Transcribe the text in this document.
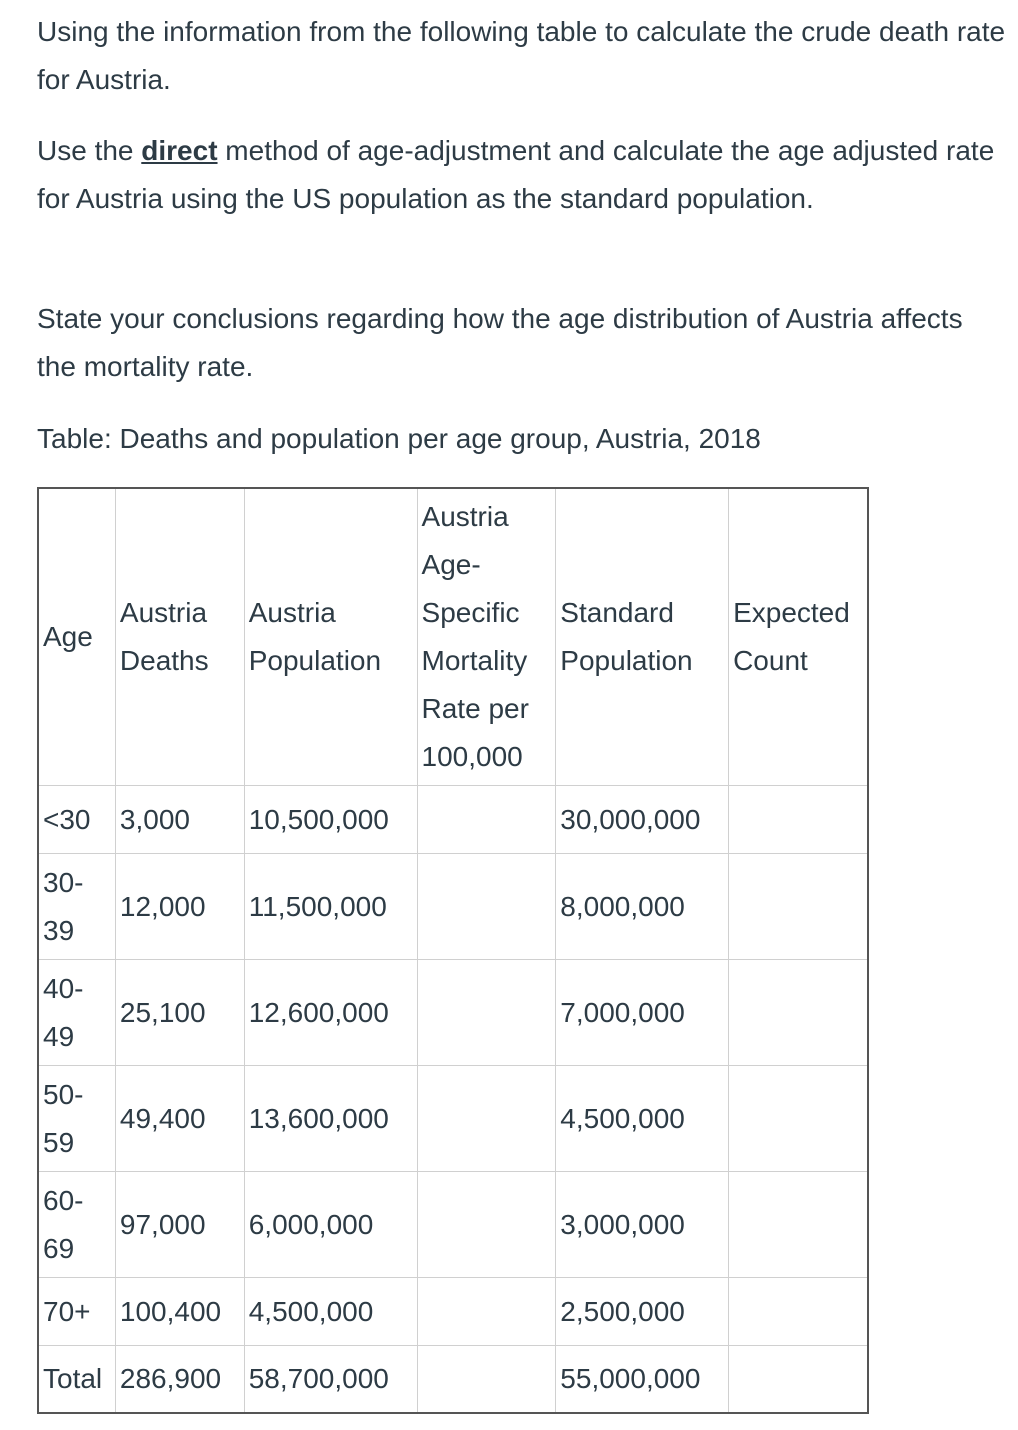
Using the information from the following table to calculate the crude death rate for Austria.

Use the direct method of age-adjustment and calculate the age adjusted rate for Austria using the US population as the standard population.

State your conclusions regarding how the age distribution of Austria affects the mortality rate.

Table: Deaths and population per age group, Austria, 2018

Age	Austria Deaths	Austria Population	Austria Age-Specific Mortality Rate per 100,000	Standard Population	Expected Count
<30	3,000	10,500,000		30,000,000	
30-39	12,000	11,500,000		8,000,000	
40-49	25,100	12,600,000		7,000,000	
50-59	49,400	13,600,000		4,500,000	
60-69	97,000	6,000,000		3,000,000	
70+	100,400	4,500,000		2,500,000	
Total	286,900	58,700,000		55,000,000	
